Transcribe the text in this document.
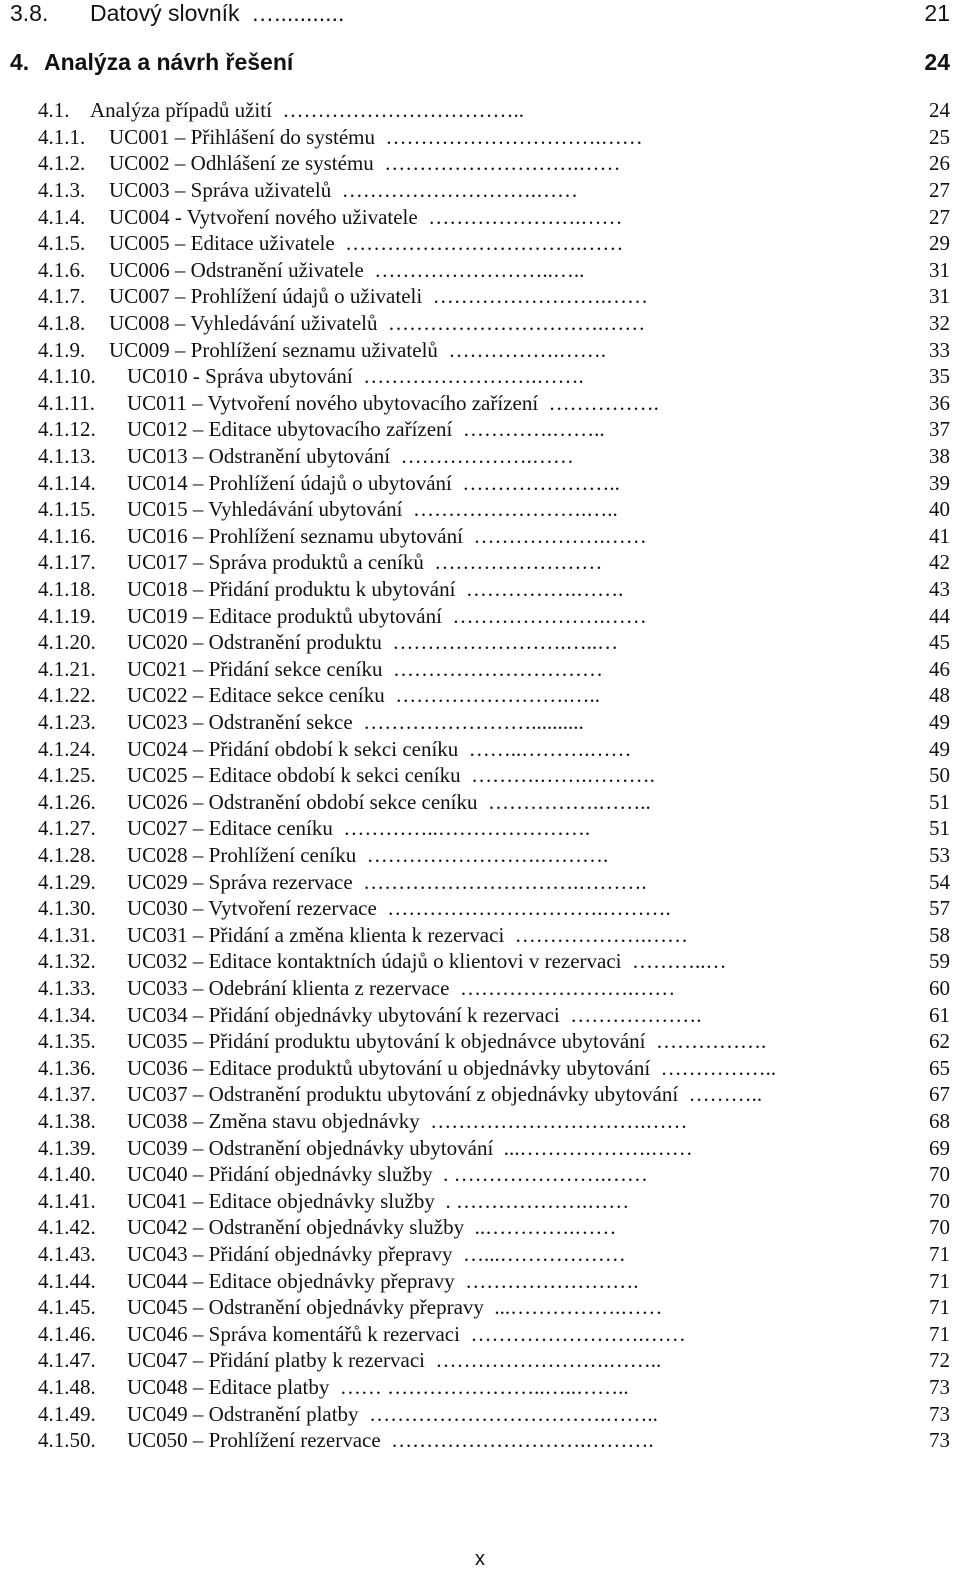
3.8. Datový slovník  …...........	21
4. Analýza a návrh řešení 	24
4.1. Analýza případů užití  ……………………………..	24
4.1.1. UC001 – Přihlášení do systému  ………………………….……	25
4.1.2. UC002 – Odhlášení ze systému  ……………………….……	26
4.1.3. UC003 – Správa uživatelů  ……………………….……	27
4.1.4. UC004 - Vytvoření nového uživatele  ………………….……	27
4.1.5. UC005 – Editace uživatele  …………………………….……	29
4.1.6. UC006 – Odstranění uživatele  ……………………..…..	31
4.1.7. UC007 – Prohlížení údajů o uživateli  …………………….……	31
4.1.8. UC008 – Vyhledávání uživatelů  ………………………….……	32
4.1.9. UC009 – Prohlížení seznamu uživatelů  …………….…….	33
4.1.10. UC010 - Správa ubytování  …………………….…….	35
4.1.11. UC011 – Vytvoření nového ubytovacího zařízení  …………….	36
4.1.12. UC012 – Editace ubytovacího zařízení  ………….……..	37
4.1.13. UC013 – Odstranění ubytování  ……………….……	38
4.1.14. UC014 – Prohlížení údajů o ubytování  …………………..	39
4.1.15. UC015 – Vyhledávání ubytování  …………………….…..	40
4.1.16. UC016 – Prohlížení seznamu ubytování  ……………….……	41
4.1.17. UC017 – Správa produktů a ceníků  ……………………	42
4.1.18. UC018 – Přidání produktu k ubytování  …………….…….	43
4.1.19. UC019 – Editace produktů ubytování  ………………….……	44
4.1.20. UC020 – Odstranění produktu  …………………….…..…	45
4.1.21. UC021 – Přidání sekce ceníku  …………………………	46
4.1.22. UC022 – Editace sekce ceníku  …………………….…..	48
4.1.23. UC023 – Odstranění sekce  ……………………..........	49
4.1.24. UC024 – Přidání období k sekci ceníku  ……..……….……	49
4.1.25. UC025 – Editace období k sekci ceníku  ……….…….……….	50
4.1.26. UC026 – Odstranění období sekce ceníku  …………….……..	51
4.1.27. UC027 – Editace ceníku  …………..………………….	51
4.1.28. UC028 – Prohlížení ceníku  …………………….……….	53
4.1.29. UC029 – Správa rezervace  ………………………….……….	54
4.1.30. UC030 – Vytvoření rezervace  ………………………….……….	57
4.1.31. UC031 – Přidání a změna klienta k rezervaci  ……………….……	58
4.1.32. UC032 – Editace kontaktních údajů o klientovi v rezervaci  ………..…	59
4.1.33. UC033 – Odebrání klienta z rezervace  …………………….……	60
4.1.34. UC034 – Přidání objednávky ubytování k rezervaci  ……………….	61
4.1.35. UC035 – Přidání produktu ubytování k objednávce ubytování  …………….	62
4.1.36. UC036 – Editace produktů ubytování u objednávky ubytování  ……………..	65
4.1.37. UC037 – Odstranění produktu ubytování z objednávky ubytování  ………..	67
4.1.38. UC038 – Změna stavu objednávky  ………………………….……	68
4.1.39. UC039 – Odstranění objednávky ubytování  ...……………….……	69
4.1.40. UC040 – Přidání objednávky služby  . ………………….……	70
4.1.41. UC041 – Editace objednávky služby  . ……………….……	70
4.1.42. UC042 – Odstranění objednávky služby  ..………….……	70
4.1.43. UC043 – Přidání objednávky přepravy  …...………………	71
4.1.44. UC044 – Editace objednávky přepravy  …………………….	71
4.1.45. UC045 – Odstranění objednávky přepravy  ...…………….……	71
4.1.46. UC046 – Správa komentářů k rezervaci  …………………….……	71
4.1.47. UC047 – Přidání platby k rezervaci  …………………….……..	72
4.1.48. UC048 – Editace platby  …… …………………..…..……..	73
4.1.49. UC049 – Odstranění platby  …………………………….……..	73
4.1.50. UC050 – Prohlížení rezervace  ……………………….……….	73
x
